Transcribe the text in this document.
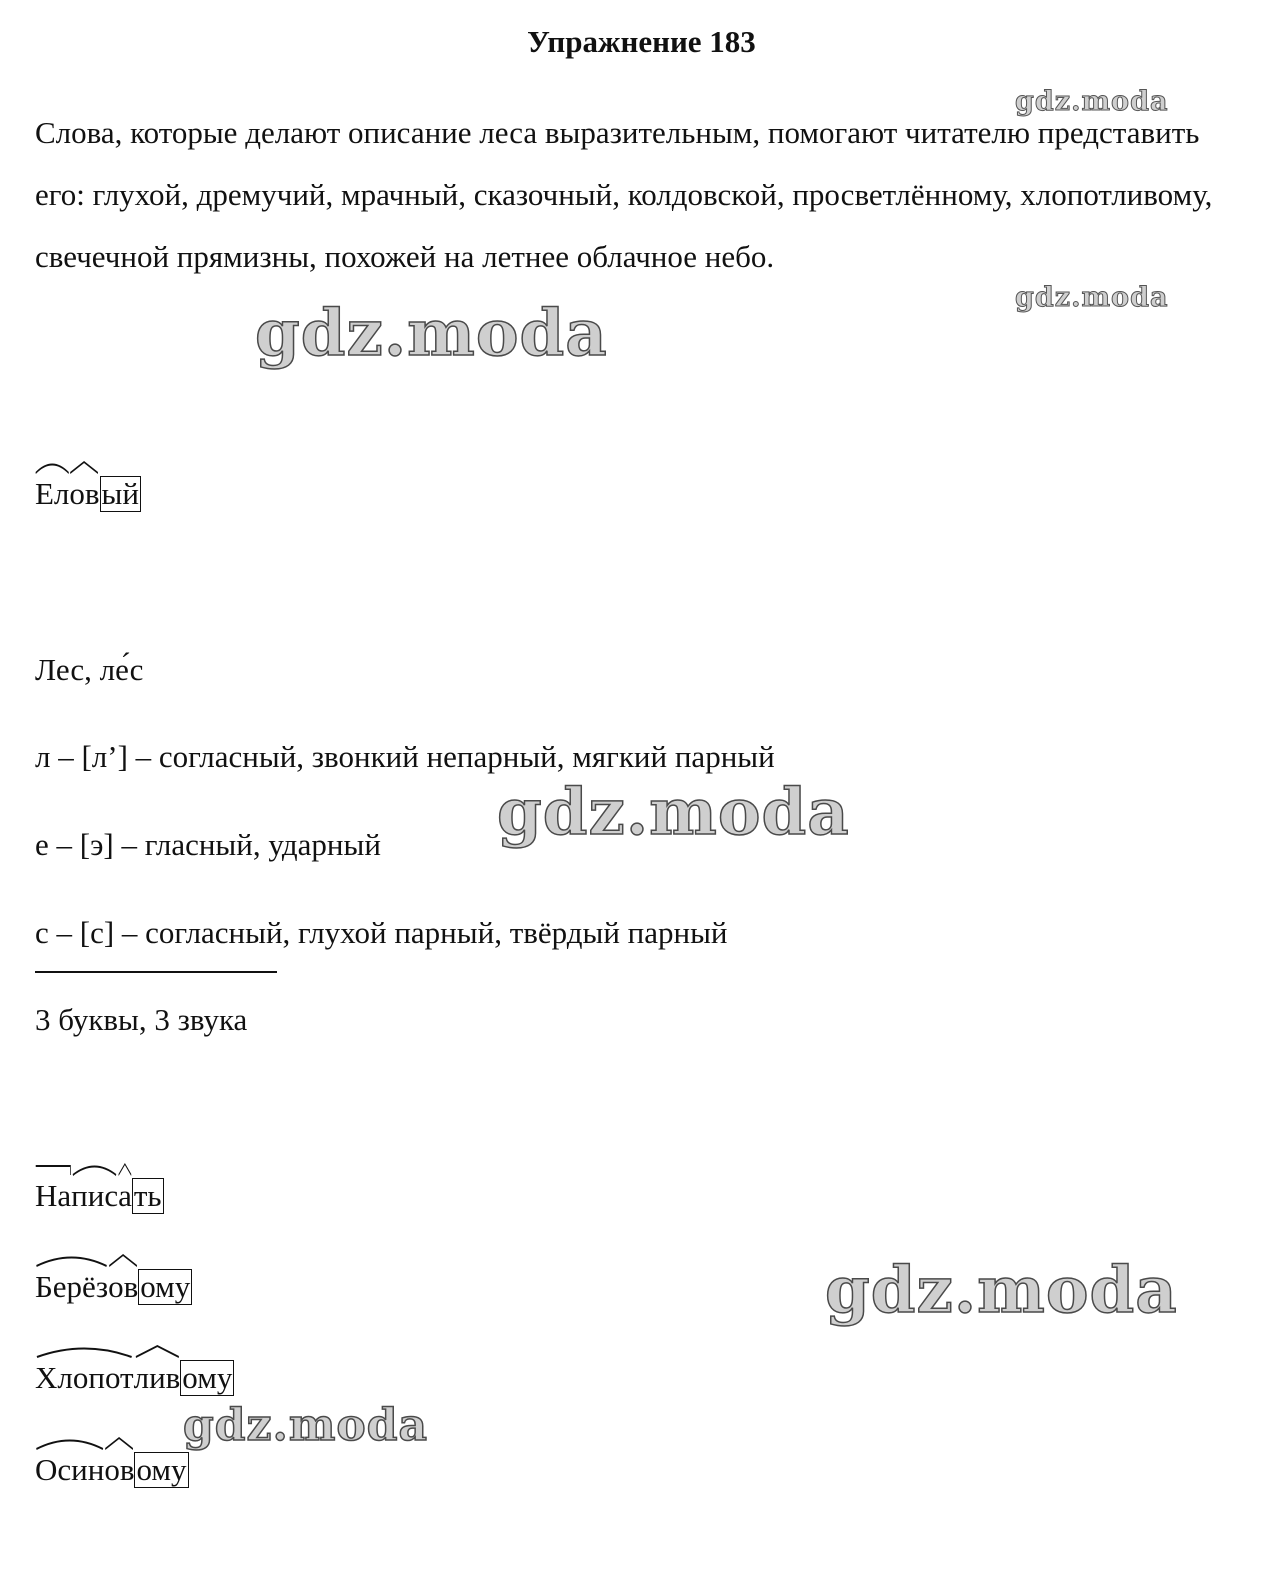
Упражнение 183

Слова, которые делают описание леса выразительным, помогают читателю представить его: глухой, дремучий, мрачный, сказочный, колдовской, просветлённому, хлопотливому, свечечной прямизны, похожей на летнее облачное небо.

Ел
овый
Лес, ле́с
л – [л’] – согласный, звонкий непарный, мягкий парный
е – [э] – гласный, ударный
с – [с] – согласный, глухой парный, твёрдый парный
3 буквы, 3 звука
На
пис
ать
Берёз
овому
Хлопот
ливому
Осин
овому
gdz.moda
gdz.moda
gdz.moda
gdz.moda
gdz.moda
gdz.moda
